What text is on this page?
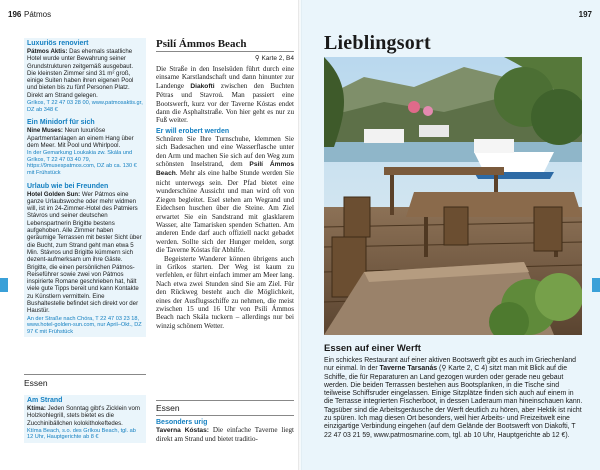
196 Pátmos	197
Luxuriös renoviert
Pátmos Aktis: Das ehemals staatliche Hotel wurde unter Bewahrung seiner Grundstrukturen zeitgemäß ausgebaut. Die kleinsten Zimmer sind 31 m² groß, einige Suiten haben ihren eigenen Pool und bieten bis zu fünf Personen Platz. Direkt am Strand gelegen.
Gríkos, T 22 47 03 28 00, www.patmosaktis.gr, DZ ab 348 €
Ein Minidorf für sich
Nine Muses: Neun luxuriöse Apartmentanlagen an einem Hang über dem Meer. Mit Pool und Whirlpool.
In der Gemarkung Loukakia zw. Skála und Gríkos, T 22 47 03 40 79, https://9musespatmos.com, DZ ab ca. 130 € mit Frühstück
Urlaub wie bei Freunden
Hotel Golden Sun: Wer Pátmos eine ganze Urlaubswoche oder mehr widmen will, ist im 24-Zimmer-Hotel des Patmiers Stávros und seiner deutschen Lebenspartnerin Brigitte bestens aufgehoben. Alle Zimmer haben geräumige Terrassen mit bester Sicht über die Bucht, zum Strand geht man etwa 5 Min. Stávros und Brigitte kümmern sich dezent-aufmerksam um ihre Gäste. Brigitte, die einen persönlichen Pátmos-Reiseführer sowie zwei von Pátmos inspirierte Romane geschrieben hat, hält viele gute Tipps bereit und kann Kontakte zu Künstlern vermitteln. Eine Bushaltestelle befindet sich direkt vor der Haustür.
An der Straße nach Chóra, T 22 47 03 23 18, www.hotel-golden-sun.com, nur April–Okt., DZ 97 € mit Frühstück
Essen
Am Strand
Ktíma: Jeden Sonntag gibt's Zicklein vom Holzkohlegrill, stets bietet es die Zucchinibällchen kolokithokeftedes.
Ktíma Beach, s.o. des Gríkou Beach, tgl. ab 12 Uhr, Hauptgerichte ab 8 €
Psilí Ámmos Beach
⚲ Karte 2, B4
Die Straße in den Inselsüden führt durch eine einsame Karstlandschaft und dann hinunter zur Landenge Diakofti zwischen den Buchten Pétras und Stavroú. Man passiert eine Bootswerft, kurz vor der Taverne Kóstas endet dann die Asphaltstraße. Von hier geht es nur zu Fuß weiter.
Er will erobert werden
Schnüren Sie Ihre Turnschuhe, klemmen Sie sich Badesachen und eine Wasserflasche unter den Arm und machen Sie sich auf den Weg zum schönsten Inselstrand, dem Psilí Ámmos Beach. Mehr als eine halbe Stunde werden Sie nicht unterwegs sein. Der Pfad bietet eine wunderschöne Aussicht und man wird oft von Ziegen begleitet. Esel stehen am Wegrand und Eidechsen huschen über die Steine. Am Ziel erwartet Sie ein Sandstrand mit glasklarem Wasser, alte Tamarisken spenden Schatten. Am anderen Ende darf auch offiziell nackt gebadet werden. Sollte sich der Hunger melden, sorgt die Taverne Kóstas für Abhilfe.
Begeisterte Wanderer können übrigens auch in Gríkos starten. Der Weg ist kaum zu verfehlen, er führt einfach immer am Meer lang. Nach etwa zwei Stunden sind Sie am Ziel. Für den Rückweg besteht auch die Möglichkeit, eines der Ausflugsschiffe zu nehmen, die meist zwischen 15 und 16 Uhr von Psilí Ámmos Beach nach Skála tuckern – allerdings nur bei winzig schönem Wetter.
Essen
Besonders urig
Taverna Kóstas: Die einfache Taverne liegt direkt am Strand und bietet traditio-
Lieblingsort
Essen auf einer Werft
Ein schickes Restaurant auf einer aktiven Bootswerft gibt es auch im Griechenland nur einmal. In der Taverne Tarsanás (⚲ Karte 2, C 4) sitzt man mit Blick auf die Schiffe, die für Reparaturen an Land gezogen wurden oder gerade neu gebaut werden. Die beiden Terrassen bestehen aus Bootsplanken, in die Tische sind teilweise Schiffsruder eingelassen. Einige Sitzplätze finden sich auch auf einem in die Terrasse integrierten Fischerboot, in dessen Laderaum man hineinschauen kann. Tagsüber sind die Arbeitsgeräusche der Werft deutlich zu hören, aber Hektik ist nicht zu spüren. Ich mag diesen Ort besonders, weil hier Arbeits- und Freizeitwelt eine einzigartige Verbindung eingehen (auf dem Gelände der Bootswerft von Diakofti, T 22 47 03 21 59, www.patmosmarine.com, tgl. ab 10 Uhr, Hauptgerichte ab 12 €).
